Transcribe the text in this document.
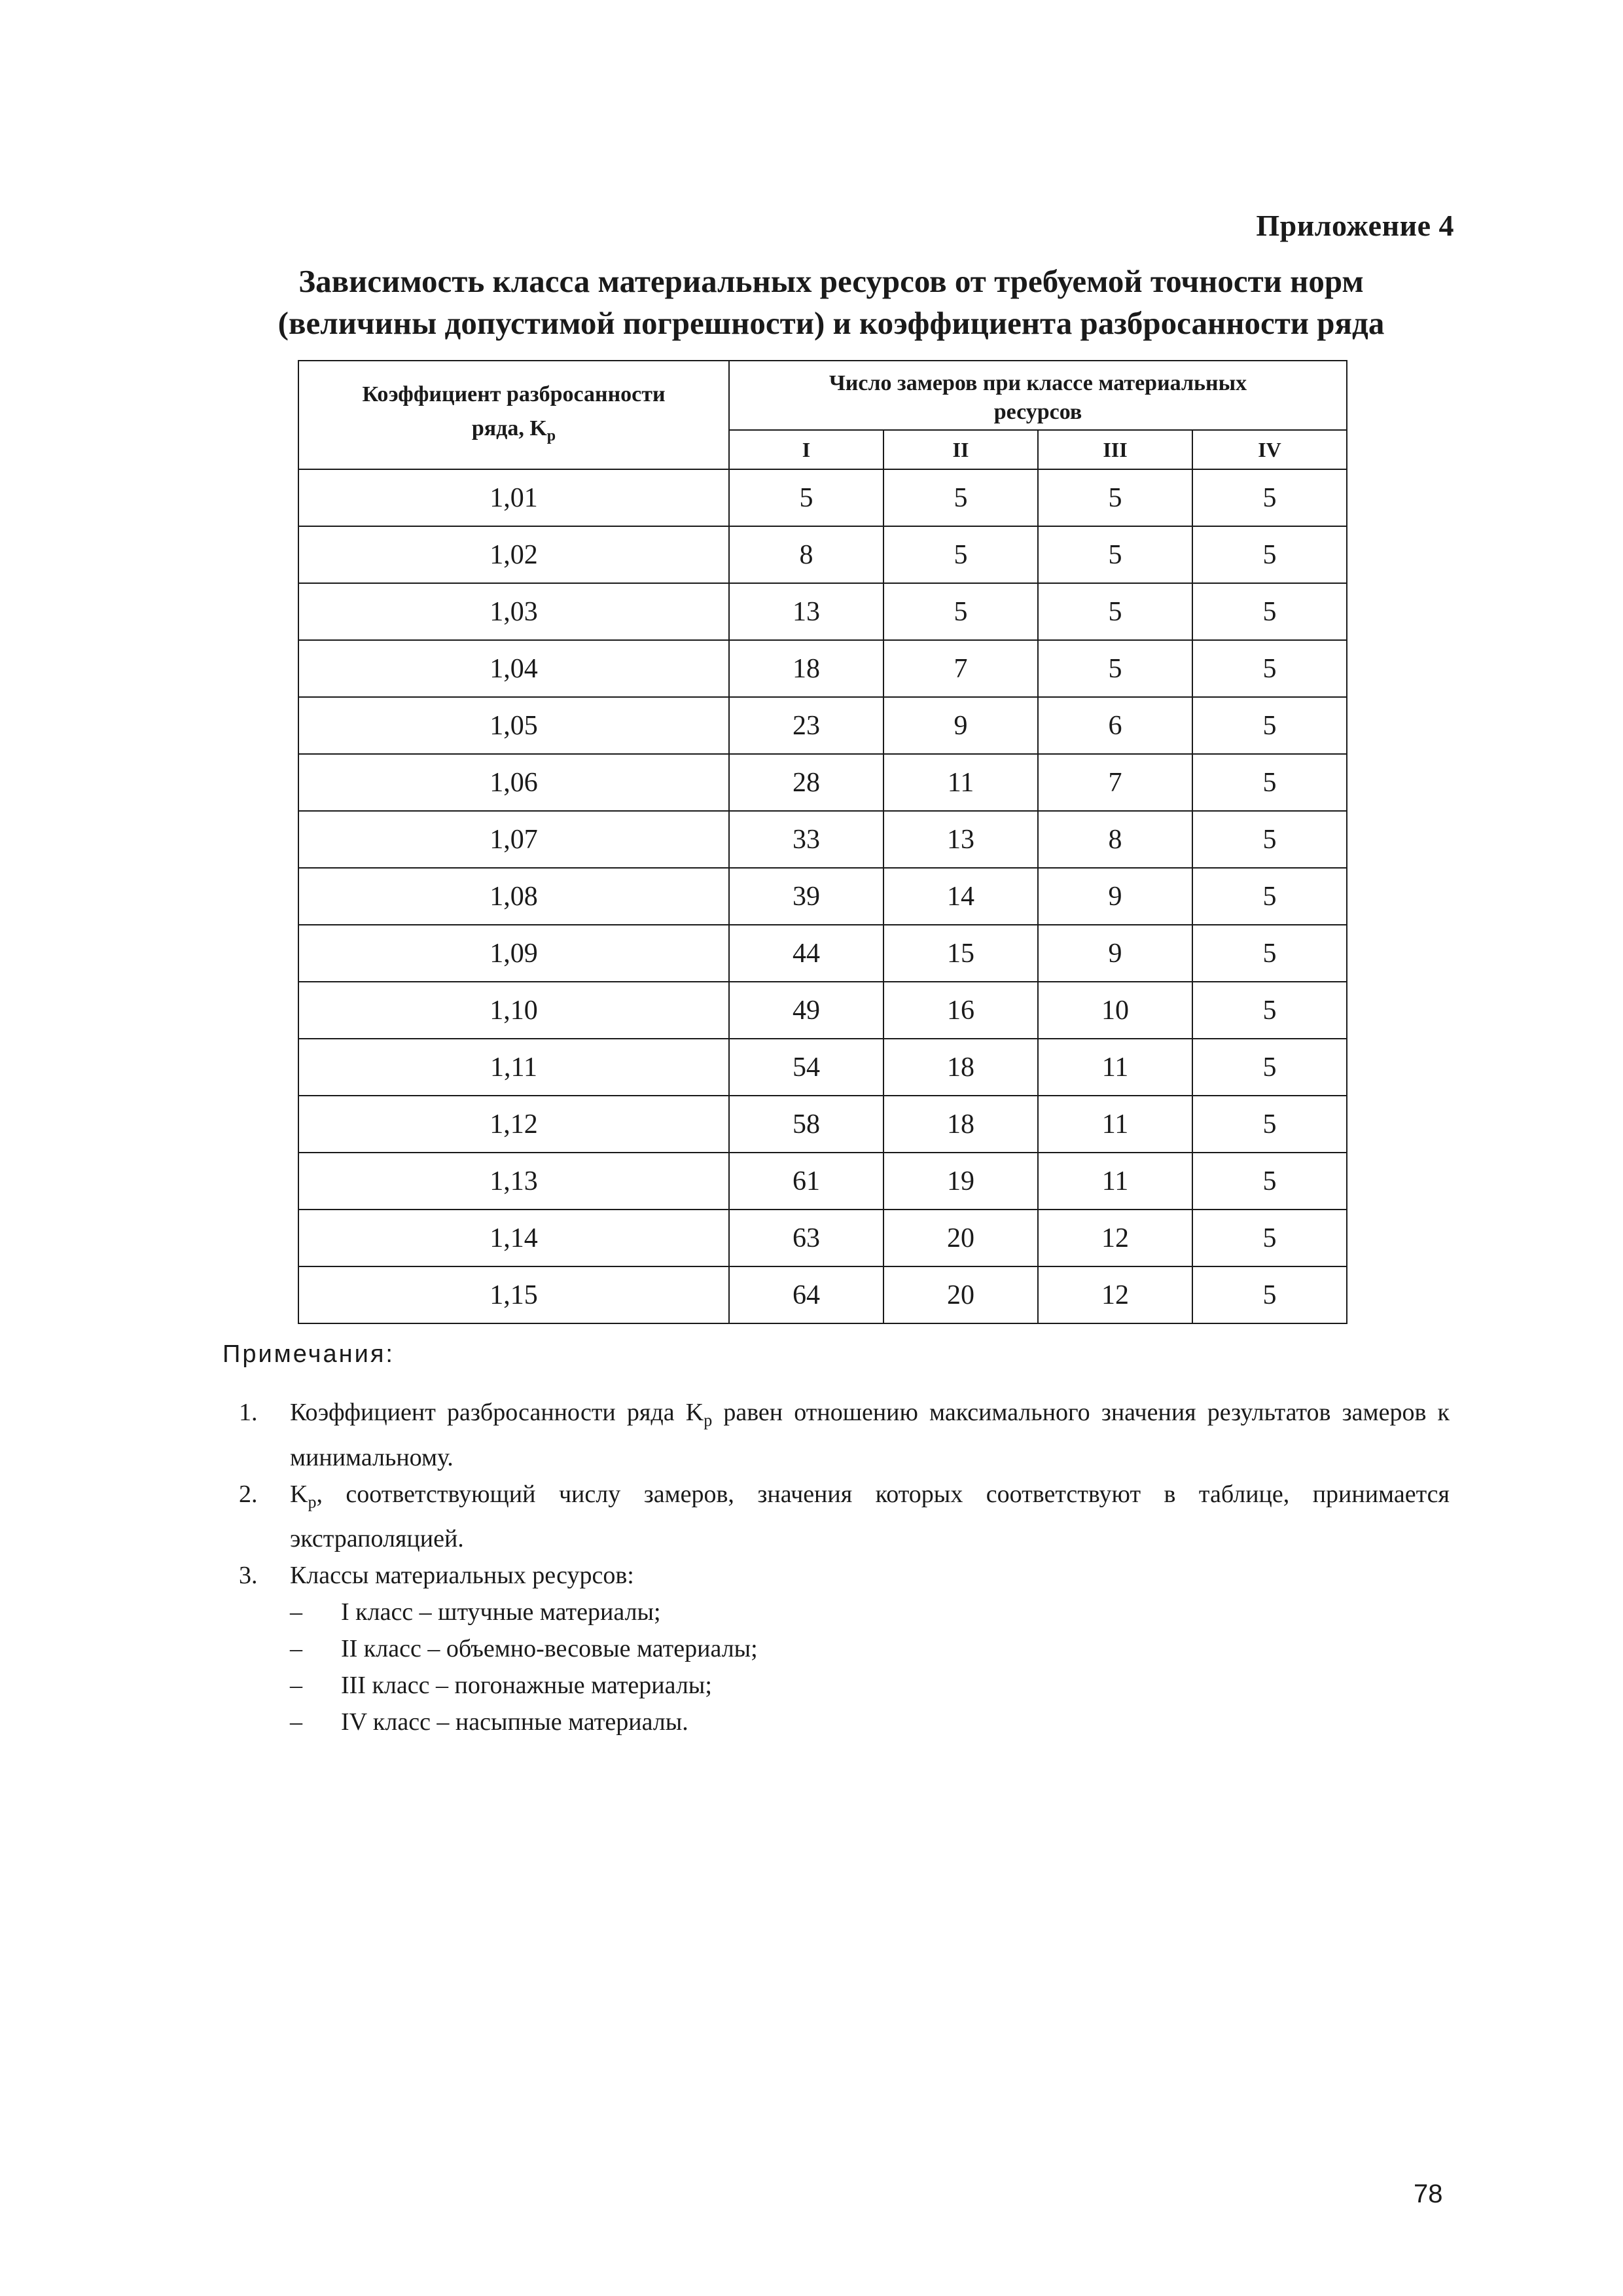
Приложение 4
Зависимость класса материальных ресурсов от требуемой точности норм
(величины допустимой погрешности) и коэффициента разбросанности ряда
Коэффициент разбросанности
ряда, $K_p$	Число замеров при классе материальных
ресурсов			
	I	II	III	IV
1,01	5	5	5	5
1,02	8	5	5	5
1,03	13	5	5	5
1,04	18	7	5	5
1,05	23	9	6	5
1,06	28	11	7	5
1,07	33	13	8	5
1,08	39	14	9	5
1,09	44	15	9	5
1,10	49	16	10	5
1,11	54	18	11	5
1,12	58	18	11	5
1,13	61	19	11	5
1,14	63	20	12	5
1,15	64	20	12	5
Примечания:
1. Коэффициент разбросанности ряда $K_р$ равен отношению максимального значения результатов замеров к минимальному.
2. $K_р$, соответствующий числу замеров, значения которых соответствуют в таблице, принимается экстраполяцией.
3. Классы материальных ресурсов:
– I класс – штучные материалы;
– II класс – объемно-весовые материалы;
– III класс – погонажные материалы;
– IV класс – насыпные материалы.
78
